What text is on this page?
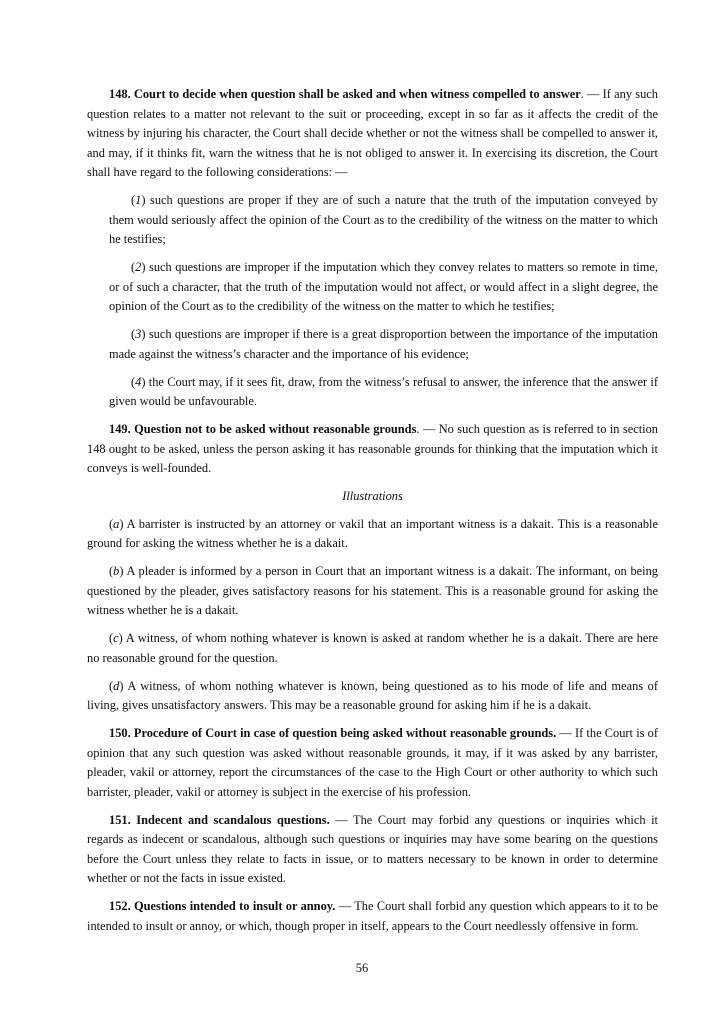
148. Court to decide when question shall be asked and when witness compelled to answer. — If any such question relates to a matter not relevant to the suit or proceeding, except in so far as it affects the credit of the witness by injuring his character, the Court shall decide whether or not the witness shall be compelled to answer it, and may, if it thinks fit, warn the witness that he is not obliged to answer it. In exercising its discretion, the Court shall have regard to the following considerations: —

(1) such questions are proper if they are of such a nature that the truth of the imputation conveyed by them would seriously affect the opinion of the Court as to the credibility of the witness on the matter to which he testifies;

(2) such questions are improper if the imputation which they convey relates to matters so remote in time, or of such a character, that the truth of the imputation would not affect, or would affect in a slight degree, the opinion of the Court as to the credibility of the witness on the matter to which he testifies;

(3) such questions are improper if there is a great disproportion between the importance of the imputation made against the witness’s character and the importance of his evidence;

(4) the Court may, if it sees fit, draw, from the witness’s refusal to answer, the inference that the answer if given would be unfavourable.

149. Question not to be asked without reasonable grounds. — No such question as is referred to in section 148 ought to be asked, unless the person asking it has reasonable grounds for thinking that the imputation which it conveys is well-founded.

Illustrations

(a) A barrister is instructed by an attorney or vakil that an important witness is a dakait. This is a reasonable ground for asking the witness whether he is a dakait.

(b) A pleader is informed by a person in Court that an important witness is a dakait. The informant, on being questioned by the pleader, gives satisfactory reasons for his statement. This is a reasonable ground for asking the witness whether he is a dakait.

(c) A witness, of whom nothing whatever is known is asked at random whether he is a dakait. There are here no reasonable ground for the question.

(d) A witness, of whom nothing whatever is known, being questioned as to his mode of life and means of living, gives unsatisfactory answers. This may be a reasonable ground for asking him if he is a dakait.

150. Procedure of Court in case of question being asked without reasonable grounds. — If the Court is of opinion that any such question was asked without reasonable grounds, it may, if it was asked by any barrister, pleader, vakil or attorney, report the circumstances of the case to the High Court or other authority to which such barrister, pleader, vakil or attorney is subject in the exercise of his profession.

151. Indecent and scandalous questions. — The Court may forbid any questions or inquiries which it regards as indecent or scandalous, although such questions or inquiries may have some bearing on the questions before the Court unless they relate to facts in issue, or to matters necessary to be known in order to determine whether or not the facts in issue existed.

152. Questions intended to insult or annoy. — The Court shall forbid any question which appears to it to be intended to insult or annoy, or which, though proper in itself, appears to the Court needlessly offensive in form.

56
